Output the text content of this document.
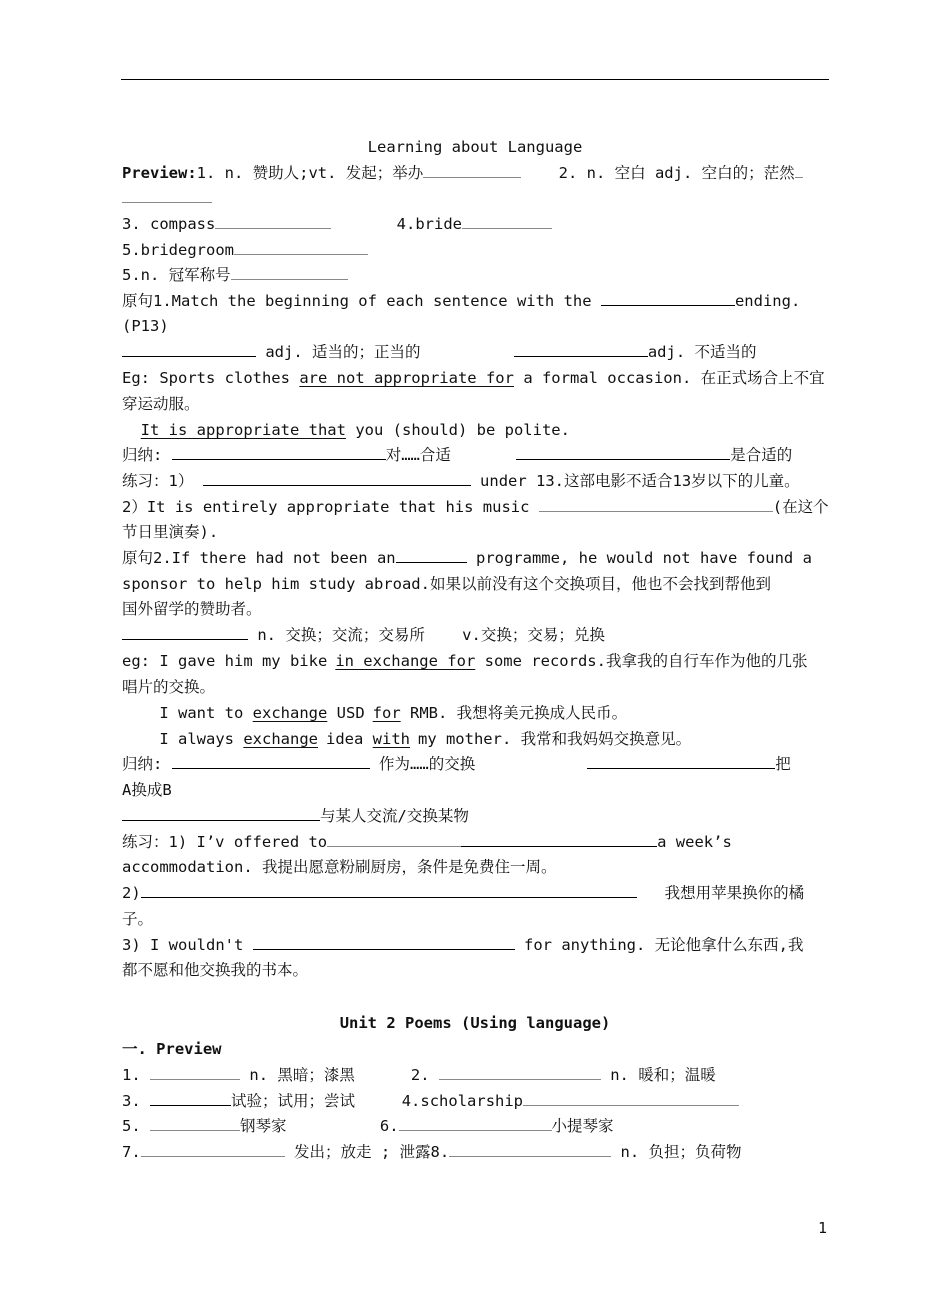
Learning about Language
Preview:1. n. 赞助人;vt. 发起；举办	2. n. 空白 adj. 空白的；茫然
3. compass	4.bride
5.bridegroom
5.n. 冠军称号
原句1.Match the beginning of each sentence with the	ending.
(P13)
adj. 适当的；正当的	adj. 不适当的
Eg: Sports clothes are not appropriate for a formal occasion. 在正式场合上不宜
穿运动服。
It is appropriate that you (should) be polite.
归纳:	对……合适	是合适的
练习：1）	under 13.这部电影不适合13岁以下的儿童。
2）It is entirely appropriate that his music	(在这个
节日里演奏).
原句2.If there had not been an	programme, he would not have found a
sponsor to help him study abroad.如果以前没有这个交换项目，他也不会找到帮他到
国外留学的赞助者。
n. 交换；交流；交易所    v.交换；交易；兑换
eg: I gave him my bike in exchange for some records.我拿我的自行车作为他的几张
唱片的交换。
I want to exchange USD for RMB. 我想将美元换成人民币。
I always exchange idea with my mother. 我常和我妈妈交换意见。
归纳:	作为……的交换	把
A换成B
与某人交流/交换某物
练习：1) I’v offered to	a week’s
accommodation. 我提出愿意粉刷厨房，条件是免费住一周。
2)	我想用苹果换你的橘
子。
3) I wouldn't	for anything. 无论他拿什么东西,我
都不愿和他交换我的书本。
Unit 2 Poems (Using language)
一. Preview
1.	n. 黑暗；漆黑	2.	n. 暖和；温暖
3.	试验；试用；尝试	4.scholarship
5.	钢琴家	6.	小提琴家
7.	发出；放走 ; 泄露8.	n. 负担；负荷物
1
